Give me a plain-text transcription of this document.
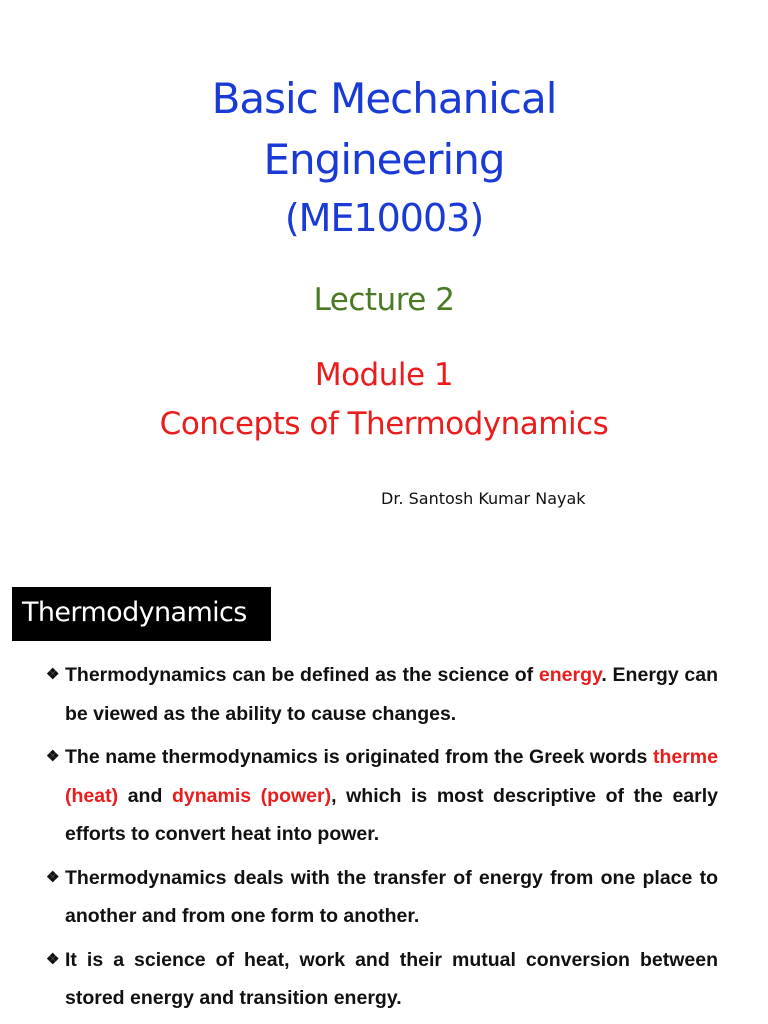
Basic Mechanical
Engineering
(ME10003)
Lecture 2
Module 1
Concepts of Thermodynamics
Dr. Santosh Kumar Nayak
Thermodynamics
❖ Thermodynamics can be defined as the science of energy. Energy can be viewed as the ability to cause changes.
❖ The name thermodynamics is originated from the Greek words therme (heat) and dynamis (power), which is most descriptive of the early efforts to convert heat into power.
❖ Thermodynamics deals with the transfer of energy from one place to another and from one form to another.
❖ It is a science of heat, work and their mutual conversion between stored energy and transition energy.
